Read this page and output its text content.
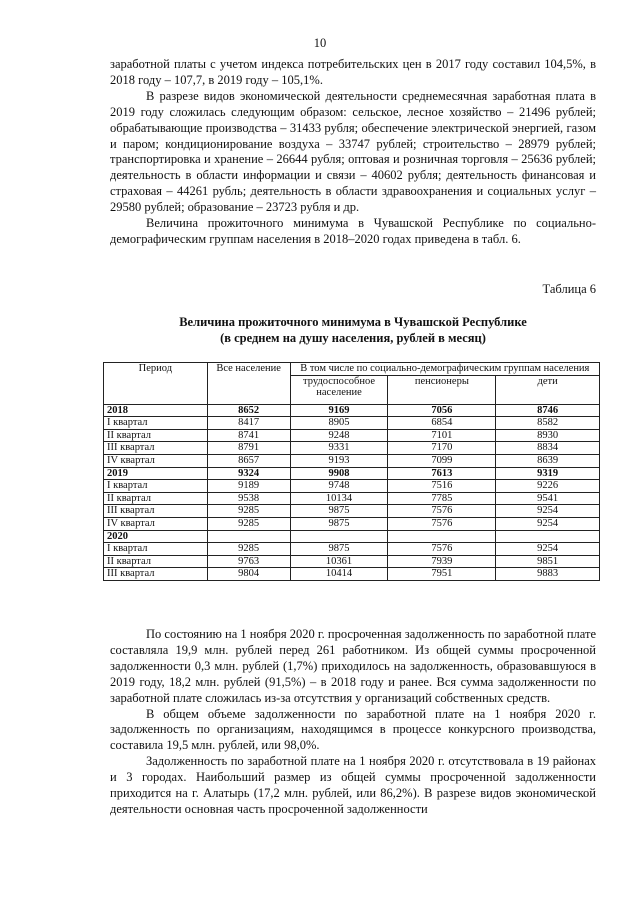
10

заработной платы с учетом индекса потребительских цен в 2017 году составил 104,5%, в 2018 году – 107,7, в 2019 году – 105,1%.

В разрезе видов экономической деятельности среднемесячная заработная плата в 2019 году сложилась следующим образом: сельское, лесное хозяйство – 21496 рублей; обрабатывающие производства – 31433 рубля; обеспечение электрической энергией, газом и паром; кондиционирование воздуха – 33747 рублей; строительство – 28979 рублей; транспортировка и хранение – 26644 рубля; оптовая и розничная торговля – 25636 рублей; деятельность в области информации и связи – 40602 рубля; деятельность финансовая и страховая – 44261 рубль; деятельность в области здравоохранения и социальных услуг – 29580 рублей; образование – 23723 рубля и др.

Величина прожиточного минимума в Чувашской Республике по социально-демографическим группам населения в 2018–2020 годах приведена в табл. 6.

Таблица 6
Величина прожиточного минимума в Чувашской Республике
(в среднем на душу населения, рублей в месяц)
Период	Все население	В том числе по социально-демографическим группам населения		
		трудоспособное население	пенсионеры	дети
2018	8652	9169	7056	8746
I квартал	8417	8905	6854	8582
II квартал	8741	9248	7101	8930
III квартал	8791	9331	7170	8834
IV квартал	8657	9193	7099	8639
2019	9324	9908	7613	9319
I квартал	9189	9748	7516	9226
II квартал	9538	10134	7785	9541
III квартал	9285	9875	7576	9254
IV квартал	9285	9875	7576	9254
2020				
I квартал	9285	9875	7576	9254
II квартал	9763	10361	7939	9851
III квартал	9804	10414	7951	9883

По состоянию на 1 ноября 2020 г. просроченная задолженность по заработной плате составляла 19,9 млн. рублей перед 261 работником. Из общей суммы просроченной задолженности 0,3 млн. рублей (1,7%) приходилось на задолженность, образовавшуюся в 2019 году, 18,2 млн. рублей (91,5%) – в 2018 году и ранее. Вся сумма задолженности по заработной плате сложилась из-за отсутствия у организаций собственных средств.

В общем объеме задолженности по заработной плате на 1 ноября 2020 г. задолженность по организациям, находящимся в процессе конкурсного производства, составила 19,5 млн. рублей, или 98,0%.

Задолженность по заработной плате на 1 ноября 2020 г. отсутствовала в 19 районах и 3 городах. Наибольший размер из общей суммы просроченной задолженности приходится на г. Алатырь (17,2 млн. рублей, или 86,2%). В разрезе видов экономической деятельности основная часть просроченной задолженности
